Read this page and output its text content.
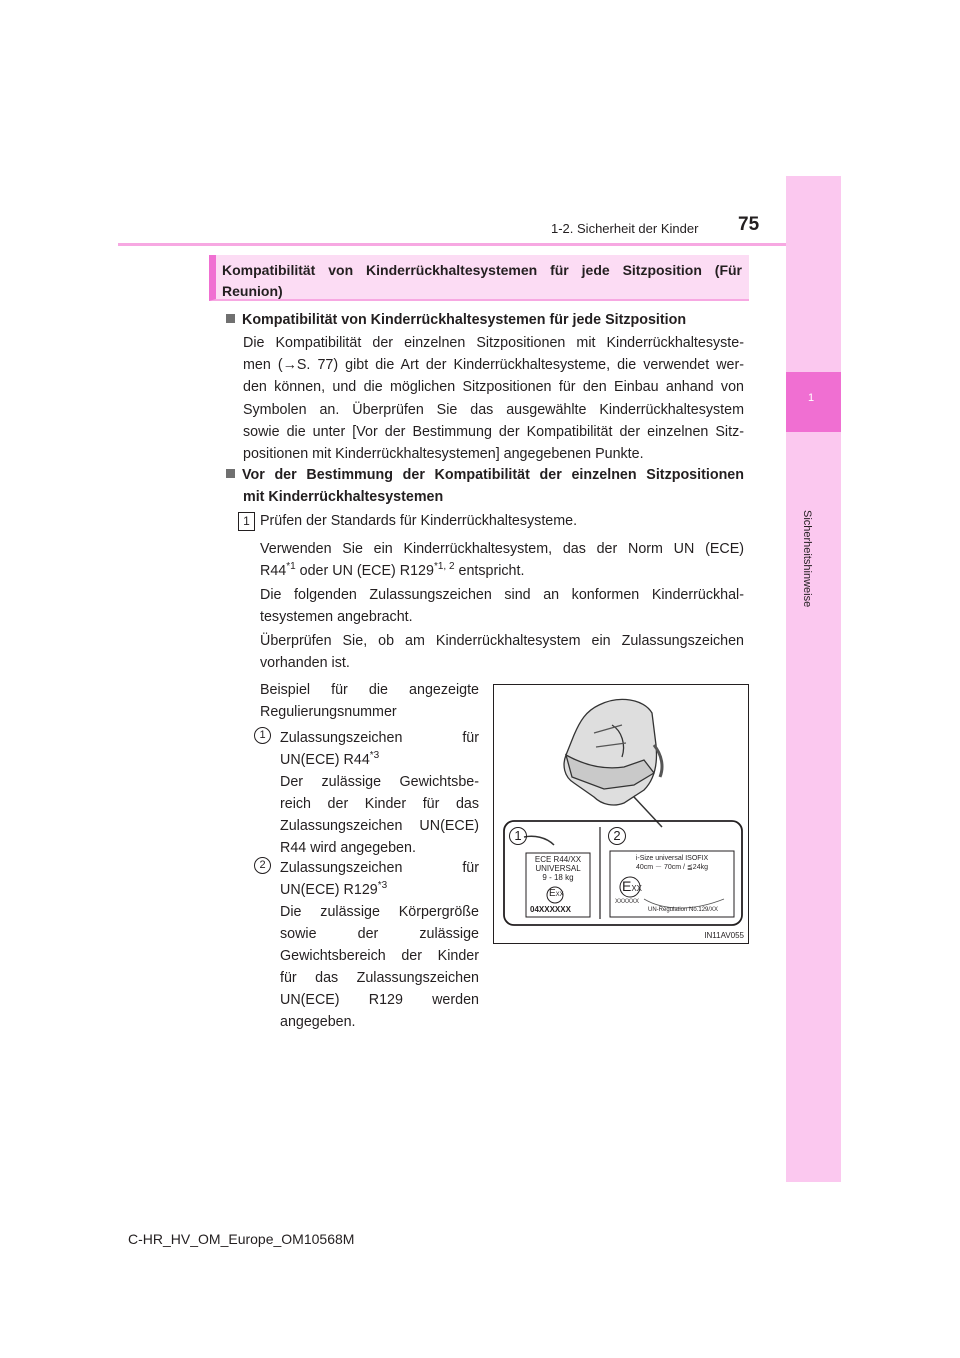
1
Sicherheitshinweise
1-2. Sicherheit der Kinder 75
Kompatibilität von Kinderrückhaltesystemen für jede Sitzposition (Für
Reunion)
Kompatibilität von Kinderrückhaltesystemen für jede Sitzposition
Die Kompatibilität der einzelnen Sitzpositionen mit Kinderrückhaltesyste-
men (→S. 77) gibt die Art der Kinderrückhaltesysteme, die verwendet wer-
den können, und die möglichen Sitzpositionen für den Einbau anhand von
Symbolen an. Überprüfen Sie das ausgewählte Kinderrückhaltesystem
sowie die unter [Vor der Bestimmung der Kompatibilität der einzelnen Sitz-
positionen mit Kinderrückhaltesystemen] angegebenen Punkte.
Vor der Bestimmung der Kompatibilität der einzelnen Sitzpositionen
mit Kinderrückhaltesystemen
1 Prüfen der Standards für Kinderrückhaltesysteme.
Verwenden Sie ein Kinderrückhaltesystem, das der Norm UN (ECE)
R44$^{*1}$ oder UN (ECE) R129$^{*1, 2}$ entspricht.
Die folgenden Zulassungszeichen sind an konformen Kinderrückhal-
tesystemen angebracht.
Überprüfen Sie, ob am Kinderrückhaltesystem ein Zulassungszeichen
vorhanden ist.
Beispiel für die angezeigte
Regulierungsnummer
1	Zulassungszeichen für
UN(ECE) R44$^{*3}$
Der zulässige Gewichtsbe-
reich der Kinder für das
Zulassungszeichen UN(ECE)
R44 wird angegeben.
2	Zulassungszeichen für
UN(ECE) R129$^{*3}$
Die zulässige Körpergröße
sowie der zulässige
Gewichtsbereich der Kinder
für das Zulassungszeichen
UN(ECE) R129 werden
angegeben.
1	2
ECE R44/XX
UNIVERSAL
9 - 18 kg
EXX
04XXXXXX
i-Size universal ISOFIX
40cm － 70cm / ≦24kg
EXX
XXXXXX
UN-Regulation No.129/XX
IN11AV055
C-HR_HV_OM_Europe_OM10568M
